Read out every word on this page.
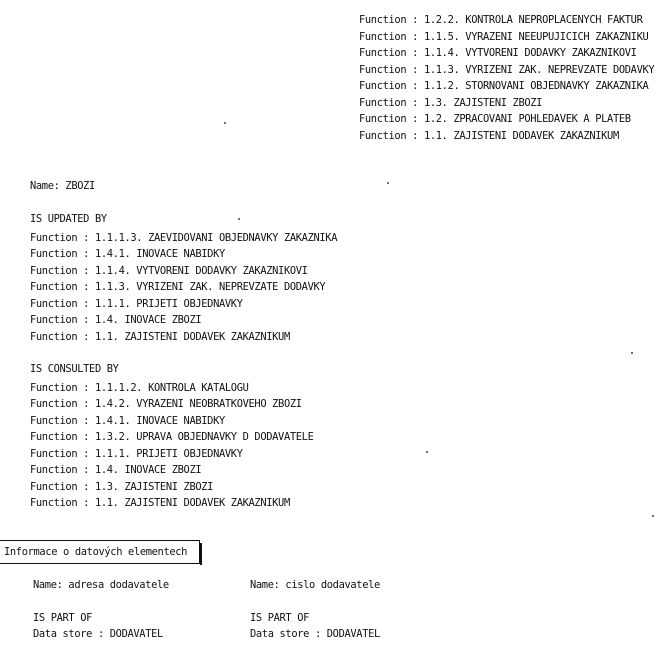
Function : 1.2.2. KONTROLA NEPROPLACENYCH FAKTUR
Function : 1.1.5. VYRAZENI NEEUPUJICICH ZAKAZNIKU
Function : 1.1.4. VYTVORENI DODAVKY ZAKAZNIKOVI
Function : 1.1.3. VYRIZENI ZAK. NEPREVZATE DODAVKY
Function : 1.1.2. STORNOVANI OBJEDNAVKY ZAKAZNIKA
Function : 1.3. ZAJISTENI ZBOZI
Function : 1.2. ZPRACOVANI POHLEDAVEK A PLATEB
Function : 1.1. ZAJISTENI DODAVEK ZAKAZNIKUM
Name: ZBOZI
IS UPDATED BY
Function : 1.1.1.3. ZAEVIDOVANI OBJEDNAVKY ZAKAZNIKA
Function : 1.4.1. INOVACE NABIDKY
Function : 1.1.4. VYTVORENI DODAVKY ZAKAZNIKOVI
Function : 1.1.3. VYRIZENI ZAK. NEPREVZATE DODAVKY
Function : 1.1.1. PRIJETI OBJEDNAVKY
Function : 1.4. INOVACE ZBOZI
Function : 1.1. ZAJISTENI DODAVEK ZAKAZNIKUM
IS CONSULTED BY
Function : 1.1.1.2. KONTROLA KATALOGU
Function : 1.4.2. VYRAZENI NEOBRATKOVEHO ZBOZI
Function : 1.4.1. INOVACE NABIDKY
Function : 1.3.2. UPRAVA OBJEDNAVKY D DODAVATELE
Function : 1.1.1. PRIJETI OBJEDNAVKY
Function : 1.4. INOVACE ZBOZI
Function : 1.3. ZAJISTENI ZBOZI
Function : 1.1. ZAJISTENI DODAVEK ZAKAZNIKUM
Informace o datových elementech
Name: adresa dodavatele
IS PART OF
Data store : DODAVATEL
Name: cislo dodavatele
IS PART OF
Data store : DODAVATEL
